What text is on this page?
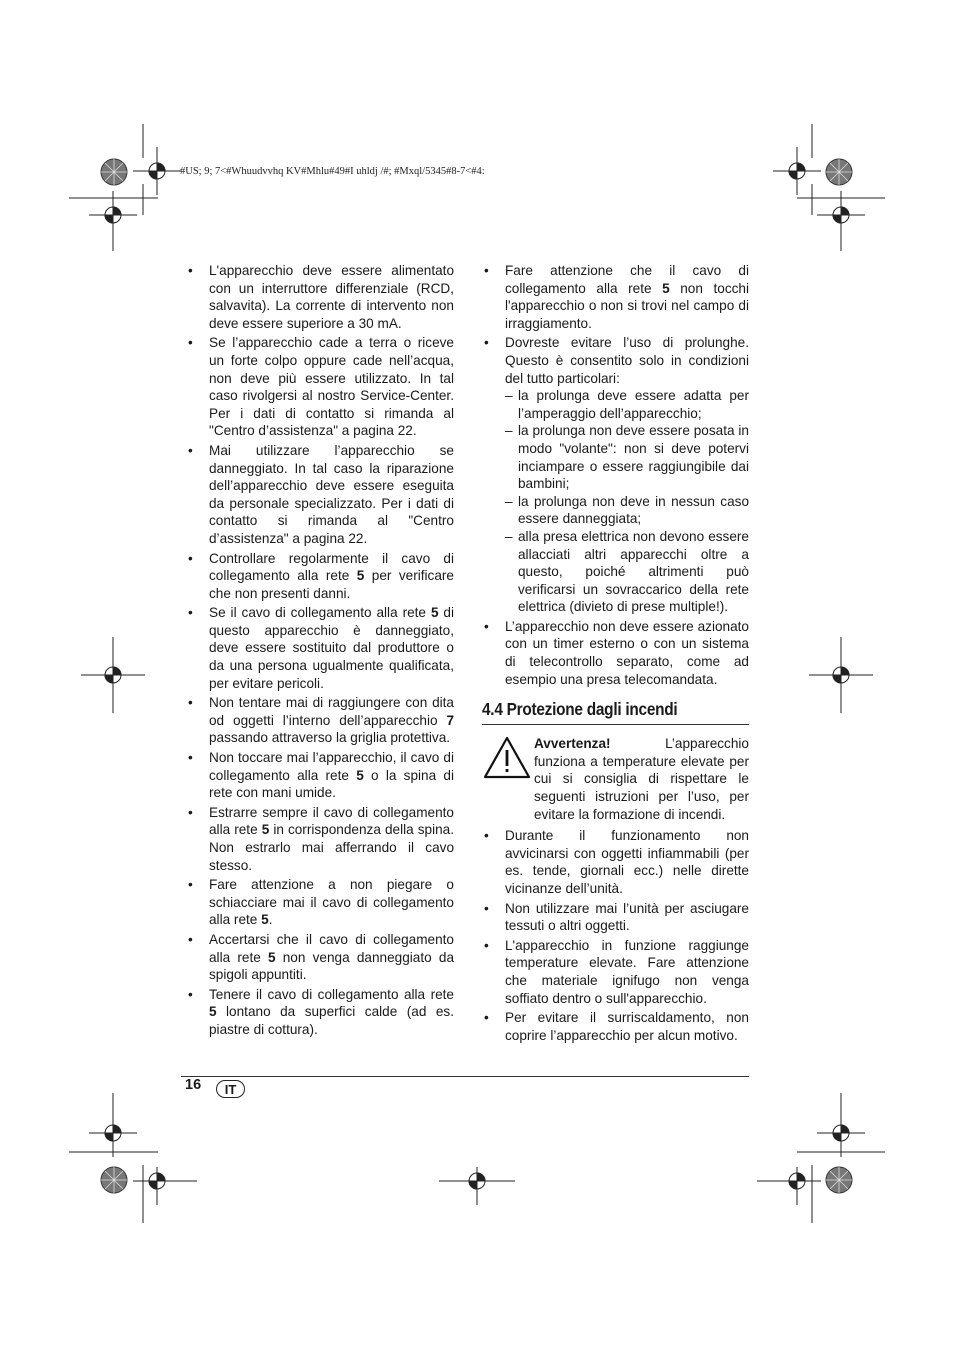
#US; 9; 7<#Whuudvvhq KV#Mhlu#49#I uhldj /#; #Mxql/5345#8-7<#4:
• L'apparecchio deve essere alimentato con un interruttore differenziale (RCD, salvavita). La corrente di intervento non deve essere superiore a 30 mA.
• Se l’apparecchio cade a terra o riceve un forte colpo oppure cade nell’acqua, non deve più essere utilizzato. In tal caso rivolgersi al nostro Service-Center. Per i dati di contatto si rimanda al "Centro d’assistenza" a pagina 22.
• Mai utilizzare l’apparecchio se danneggiato. In tal caso la riparazione dell’apparecchio deve essere eseguita da personale specializzato. Per i dati di contatto si rimanda al "Centro d’assistenza" a pagina 22.
• Controllare regolarmente il cavo di collegamento alla rete 5 per verificare che non presenti danni.
• Se il cavo di collegamento alla rete 5 di questo apparecchio è danneggiato, deve essere sostituito dal produttore o da una persona ugualmente qualificata, per evitare pericoli.
• Non tentare mai di raggiungere con dita od oggetti l’interno dell’apparecchio 7 passando attraverso la griglia protettiva.
• Non toccare mai l’apparecchio, il cavo di collegamento alla rete 5 o la spina di rete con mani umide.
• Estrarre sempre il cavo di collegamento alla rete 5 in corrispondenza della spina. Non estrarlo mai afferrando il cavo stesso.
• Fare attenzione a non piegare o schiacciare mai il cavo di collegamento alla rete 5.
• Accertarsi che il cavo di collegamento alla rete 5 non venga danneggiato da spigoli appuntiti.
• Tenere il cavo di collegamento alla rete 5 lontano da superfici calde (ad es. piastre di cottura).
• Fare attenzione che il cavo di collegamento alla rete 5 non tocchi l'apparecchio o non si trovi nel campo di irraggiamento.
• Dovreste evitare l’uso di prolunghe. Questo è consentito solo in condizioni del tutto particolari:
– la prolunga deve essere adatta per l’amperaggio dell’apparecchio;
– la prolunga non deve essere posata in modo "volante": non si deve potervi inciampare o essere raggiungibile dai bambini;
– la prolunga non deve in nessun caso essere danneggiata;
– alla presa elettrica non devono essere allacciati altri apparecchi oltre a questo, poiché altrimenti può verificarsi un sovraccarico della rete elettrica (divieto di prese multiple!).
• L’apparecchio non deve essere azionato con un timer esterno o con un sistema di telecontrollo separato, come ad esempio una presa telecomandata.
4.4 Protezione dagli incendi
Avvertenza! L’apparecchio funziona a temperature elevate per cui si consiglia di rispettare le seguenti istruzioni per l’uso, per evitare la formazione di incendi.
• Durante il funzionamento non avvicinarsi con oggetti infiammabili (per es. tende, giornali ecc.) nelle dirette vicinanze dell’unità.
• Non utilizzare mai l’unità per asciugare tessuti o altri oggetti.
• L'apparecchio in funzione raggiunge temperature elevate. Fare attenzione che materiale ignifugo non venga soffiato dentro o sull'apparecchio.
• Per evitare il surriscaldamento, non coprire l’apparecchio per alcun motivo.
16	IT
